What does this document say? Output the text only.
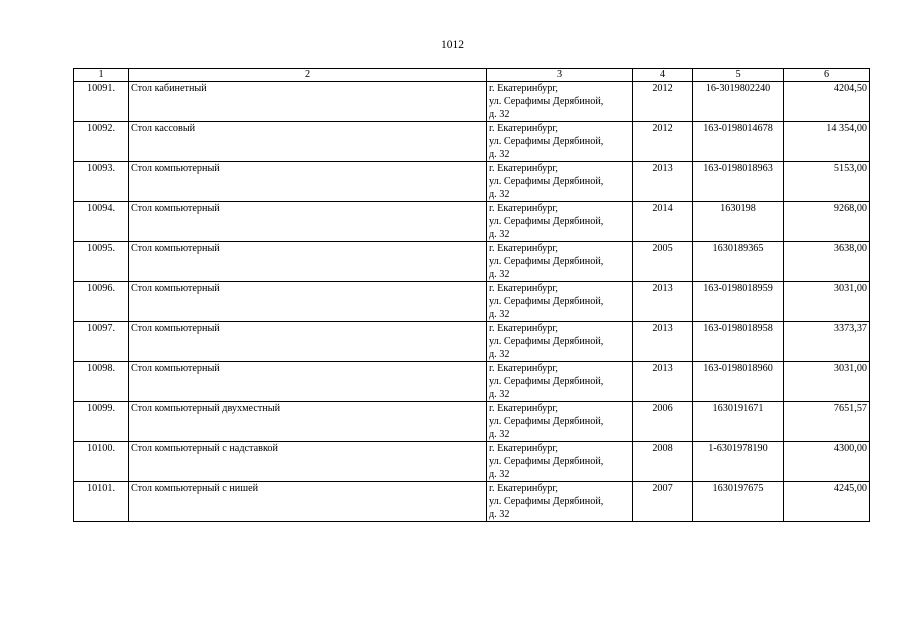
1012
1	2	3	4	5	6
10091.	Стол кабинетный	г. Екатеринбург,
ул. Серафимы Дерябиной,
д. 32	2012	16-3019802240	4204,50
10092.	Стол кассовый	г. Екатеринбург,
ул. Серафимы Дерябиной,
д. 32	2012	163-0198014678	14 354,00
10093.	Стол компьютерный	г. Екатеринбург,
ул. Серафимы Дерябиной,
д. 32	2013	163-0198018963	5153,00
10094.	Стол компьютерный	г. Екатеринбург,
ул. Серафимы Дерябиной,
д. 32	2014	1630198	9268,00
10095.	Стол компьютерный	г. Екатеринбург,
ул. Серафимы Дерябиной,
д. 32	2005	1630189365	3638,00
10096.	Стол компьютерный	г. Екатеринбург,
ул. Серафимы Дерябиной,
д. 32	2013	163-0198018959	3031,00
10097.	Стол компьютерный	г. Екатеринбург,
ул. Серафимы Дерябиной,
д. 32	2013	163-0198018958	3373,37
10098.	Стол компьютерный	г. Екатеринбург,
ул. Серафимы Дерябиной,
д. 32	2013	163-0198018960	3031,00
10099.	Стол компьютерный двухместный	г. Екатеринбург,
ул. Серафимы Дерябиной,
д. 32	2006	1630191671	7651,57
10100.	Стол компьютерный с надставкой	г. Екатеринбург,
ул. Серафимы Дерябиной,
д. 32	2008	1-6301978190	4300,00
10101.	Стол компьютерный с нишей	г. Екатеринбург,
ул. Серафимы Дерябиной,
д. 32	2007	1630197675	4245,00
